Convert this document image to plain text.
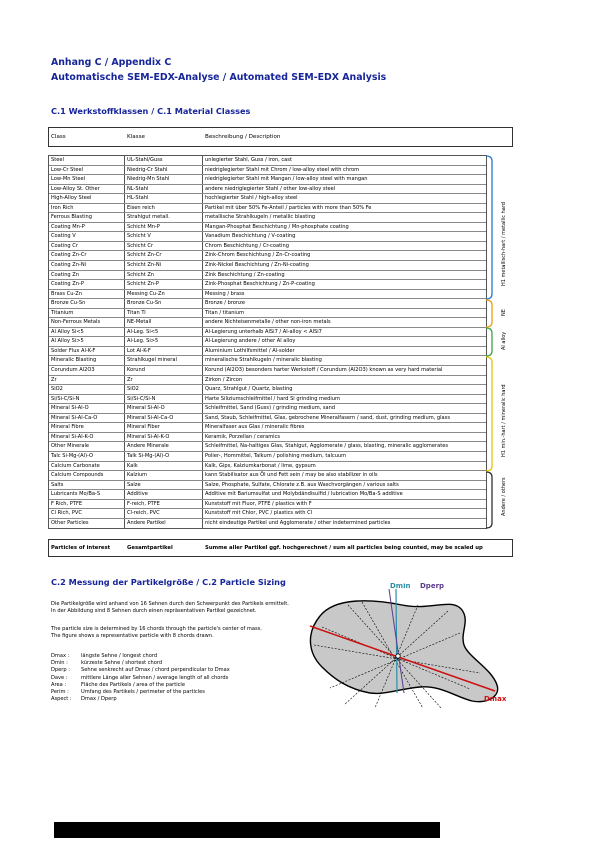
Anhang C / Appendix C
Automatische SEM-EDX-Analyse / Automated SEM-EDX Analysis
C.1 Werkstoffklassen / C.1 Material Classes
Class	Klasse	Beschreibung / Description
Steel	UL-Stahl/Guss	unlegierter Stahl, Guss / iron, cast
Low-Cr Steel	Niedrig-Cr Stahl	niedriglegierter Stahl mit Chrom / low-alloy steel with chrom
Low-Mn Steel	Niedrig-Mn Stahl	niedriglegierter Stahl mit Mangan / low-alloy steel with mangan
Low-Alloy St. Other	NL-Stahl	andere niedriglegierter Stahl / other low-alloy steel
High-Alloy Steel	HL-Stahl	hochlegierter Stahl / high-alloy steel
Iron Rich	Eisen reich	Partikel mit über 50% Fe-Anteil / particles with more than 50% Fe
Ferrous Blasting	Strahlgut metall.	metallische Strahlkugeln / metallic blasting
Coating Mn-P	Schicht Mn-P	Mangan-Phosphat Beschichtung / Mn-phosphate coating
Coating V	Schicht V	Vanadium Beschichtung / V-coating
Coating Cr	Schicht Cr	Chrom Beschichtung / Cr-coating
Coating Zn-Cr	Schicht Zn-Cr	Zink-Chrom Beschichtung / Zn-Cr-coating
Coating Zn-Ni	Schicht Zn-Ni	Zink-Nickel Beschichtung / Zn-Ni-coating
Coating Zn	Schicht Zn	Zink Beschichtung / Zn-coating
Coating Zn-P	Schicht Zn-P	Zink-Phosphat Beschichtung / Zn-P-coating
Brass Cu-Zn	Messing Cu-Zn	Messing / brass
Bronze Cu-Sn	Bronze Cu-Sn	Bronze / bronze
Titanium	Titan Ti	Titan / titanium
Non-Ferrous Metals	NE-Metall	andere Nichteisenmetalle / other non-iron metals
Al Alloy Si<5	Al-Leg. Si<5	Al-Legierung unterhalb AlSi7 / Al-alloy < AlSi7
Al Alloy Si>5	Al-Leg. Si>5	Al-Legierung andere / other Al alloy
Solder Flux Al-K-F	Lot Al-K-F	Aluminium Lothilfsmittel / Al-solder
Mineralic Blasting	Strahlkugel mineral	mineralische Strahlkugeln / mineralic blasting
Corundum Al2O3	Korund	Korund (Al2O3) besonders harter Werkstoff / Corundum (Al2O3) known as very hard material
Zr	Zr	Zirkon / Zircon
SiO2	SiO2	Quarz, Strahlgut / Quartz, blasting
Si/Si-C/Si-N	Si/Si-C/Si-N	Harte Siliziumschleifmittel / hard Si grinding medium
Mineral Si-Al-O	Mineral Si-Al-O	Schleifmittel, Sand (Guss) / grinding medium, sand
Mineral Si-Al-Ca-O	Mineral Si-Al-Ca-O	Sand, Staub, Schleifmittel, Glas, gebrochene Mineralfasern / sand, dust, grinding medium, glass
Mineral Fibre	Mineral Fiber	Mineralfaser aus Glas / mineralic fibres
Mineral Si-Al-K-O	Mineral Si-Al-K-O	Keramik, Porzellan / ceramics
Other Minerale	Andere Minerale	Schleifmittel, Na-haltiges Glas, Stahlgut, Agglomerate / glass, blasting, mineralic agglomerates
Talc Si-Mg-(Al)-O	Talk Si-Mg-(Al)-O	Polier-, Hommittel, Talkum / polishing medium, talcuum
Calcium Carbonate	Kalk	Kalk, Gips, Kalziumkarbonat / lime, gypsum
Calcium Compounds	Kalzium	kann Stabilisator aus Öl und Fett sein / may be also stabilizer in oils
Salts	Salze	Salze, Phosphate, Sulfate, Chlorate z.B. aus Waschvorgängen / various salts
Lubricants Mo/Ba-S	Additive	Additive mit Bariumsulfat und Molybdändisulfid / lubrication Mo/Ba-S additive
F Rich, PTFE	F-reich, PTFE	Kunststoff mit Fluor, PTFE / plastics with F
Cl Rich, PVC	Cl-reich, PVC	Kunststoff mit Chlor, PVC / plastics with Cl
Other Particles	Andere Partikel	nicht eindeutige Partikel und Agglomerate / other indetermined particles
H1 metallisch-hart / metallic hard
NE
Al alloy
H1 min.-hart / mineralic hard
Andere / others
Particles of interest	Gesamtpartikel	Summe aller Partikel ggf. hochgerechnet / sum all particles being counted, may be scaled up
C.2 Messung der Partikelgröße / C.2 Particle Sizing
Die Partikelgröße wird anhand von 16 Sehnen durch den Schwerpunkt des Partikels ermittelt.
In der Abbildung sind 8 Sehnen durch einen repräsentativen Partikel gezeichnet.
The particle size is determined by 16 chords through the particle's center of mass.
The figure shows a representative particle with 8 chords drawn.
Dmax : längste Sehne / longest chord
Dmin :	kürzeste Sehne / shortest chord
Dperp : Sehne senkrecht auf Dmax / chord perpendicular to Dmax
Dave :	mittlere Länge aller Sehnen / average length of all chords
Area :	Fläche des Partikels / area of the particle
Perim : Umfang des Partikels / perimeter of the particles
Aspect : Dmax / Dperp
Dmin Dperp
Dmax
